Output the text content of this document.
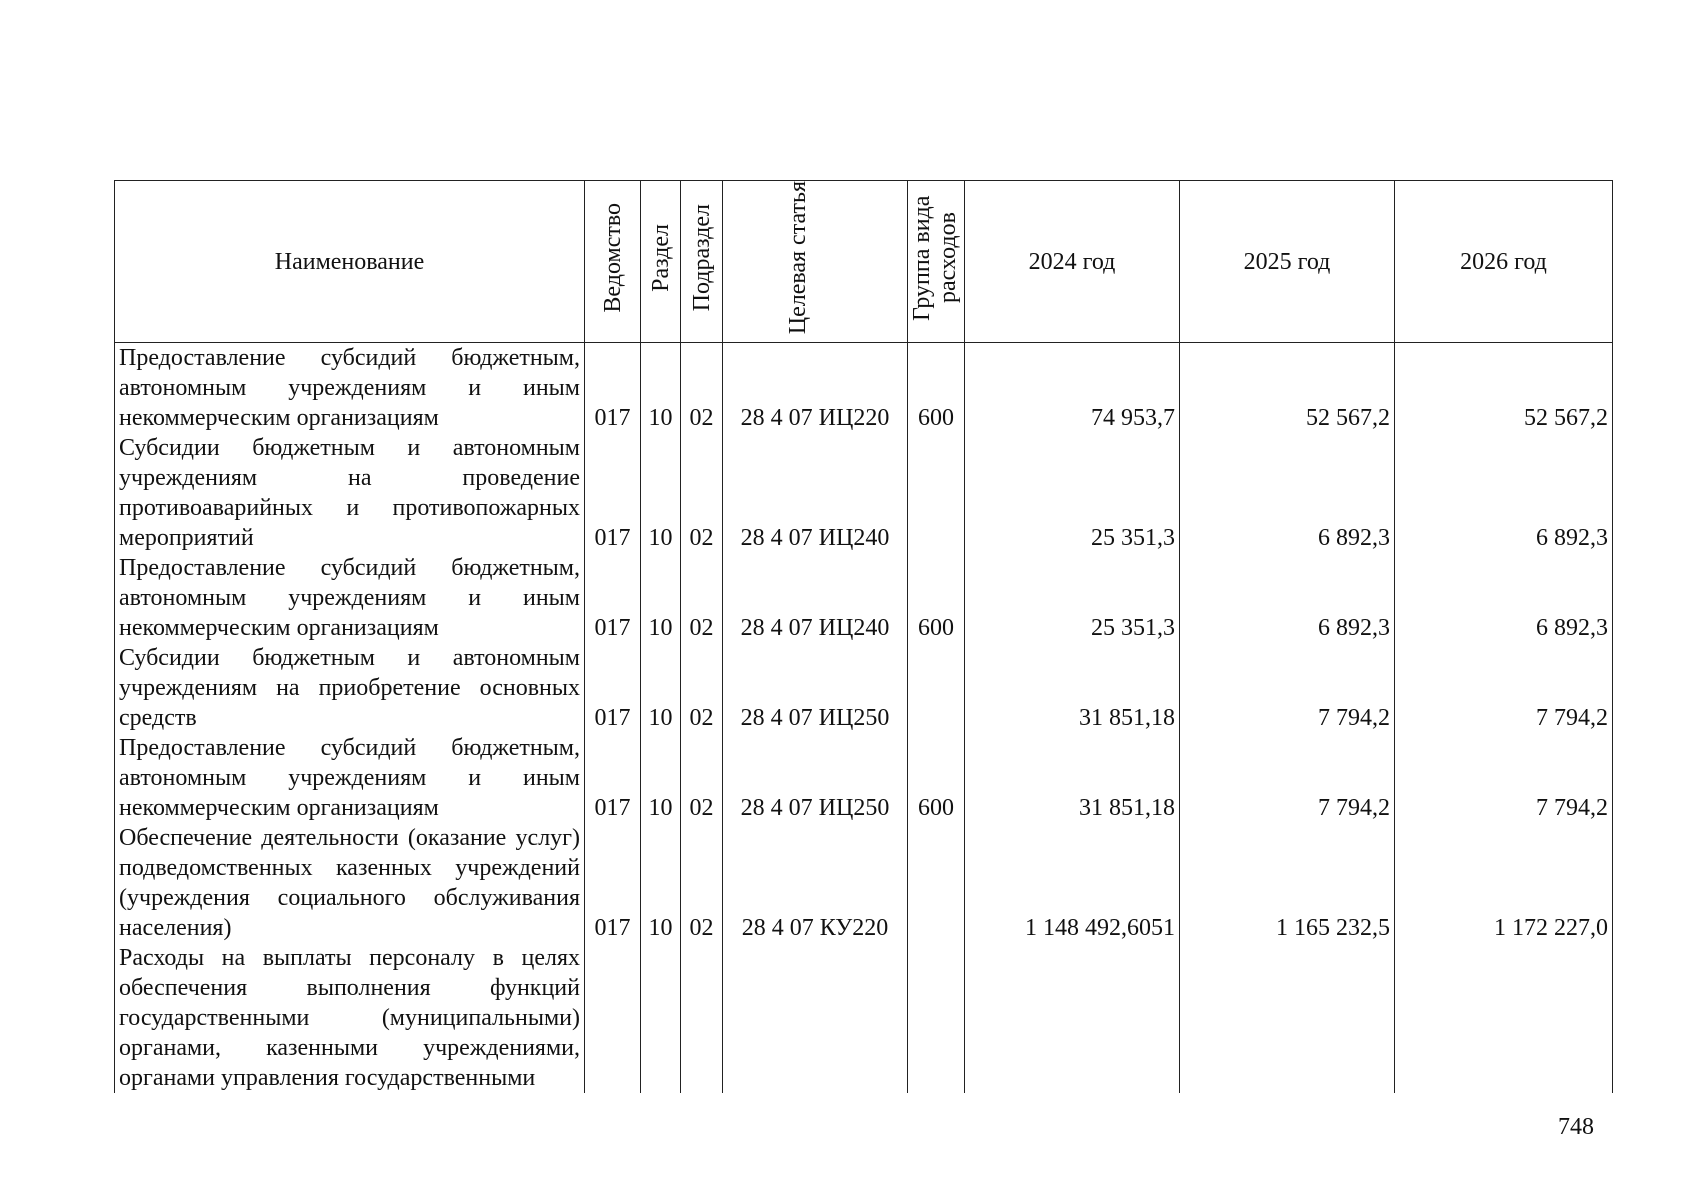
Наименование	Ведомство	Раздел	Подраздел	Целевая статья	Группа вида расходов	2024 год	2025 год	2026 год
Предоставление субсидий бюджетным, автономным учреждениям и иным некоммерческим организациям	017	10	02	28 4 07 ИЦ220	600	74 953,7	52 567,2	52 567,2
Субсидии бюджетным и автономным учреждениям на проведение противоаварийных и противопожарных мероприятий	017	10	02	28 4 07 ИЦ240		25 351,3	6 892,3	6 892,3
Предоставление субсидий бюджетным, автономным учреждениям и иным некоммерческим организациям	017	10	02	28 4 07 ИЦ240	600	25 351,3	6 892,3	6 892,3
Субсидии бюджетным и автономным учреждениям на приобретение основных средств	017	10	02	28 4 07 ИЦ250		31 851,18	7 794,2	7 794,2
Предоставление субсидий бюджетным, автономным учреждениям и иным некоммерческим организациям	017	10	02	28 4 07 ИЦ250	600	31 851,18	7 794,2	7 794,2
Обеспечение деятельности (оказание услуг) подведомственных казенных учреждений (учреждения социального обслуживания населения)	017	10	02	28 4 07 КУ220		1 148 492,6051	1 165 232,5	1 172 227,0
Расходы на выплаты персоналу в целях обеспечения выполнения функций государственными (муниципальными) органами, казенными учреждениями, органами управления государственными								
748
